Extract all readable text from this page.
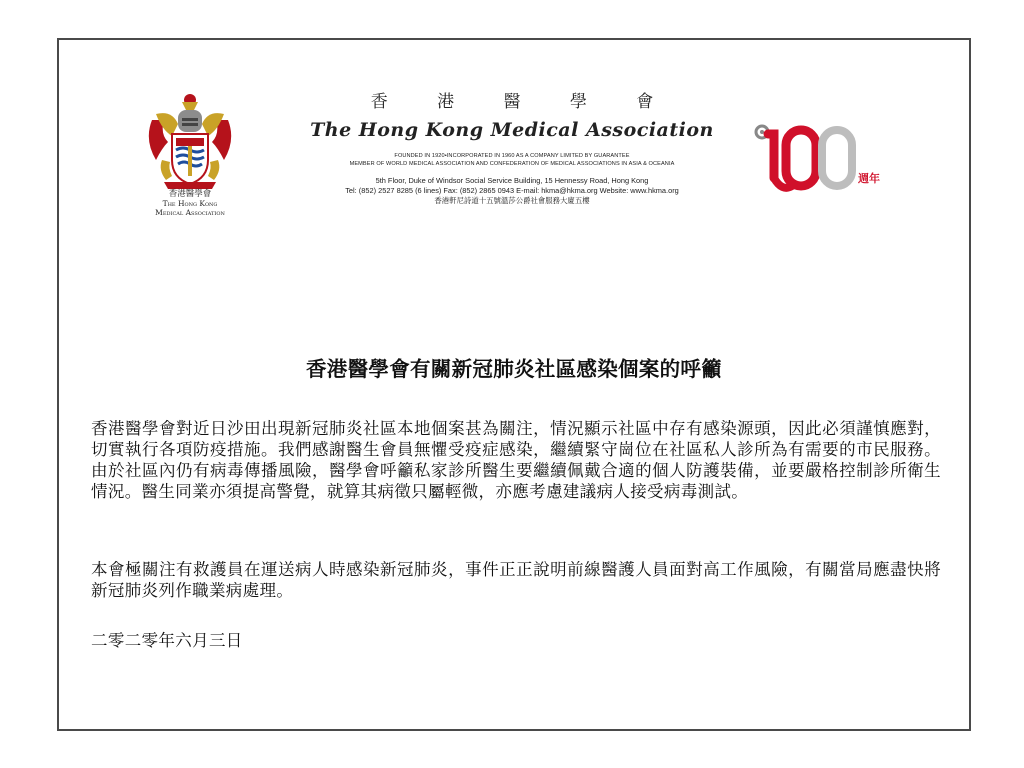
香港醫學會
The Hong Kong
Medical Association
香 港 醫 學 會
The Hong Kong Medical Association
FOUNDED IN 1920•INCORPORATED IN 1960 AS A COMPANY LIMITED BY GUARANTEE
MEMBER OF WORLD MEDICAL ASSOCIATION AND CONFEDERATION OF MEDICAL ASSOCIATIONS IN ASIA & OCEANIA
5th Floor, Duke of Windsor Social Service Building, 15 Hennessy Road, Hong Kong
Tel: (852) 2527 8285 (6 lines) Fax: (852) 2865 0943 E-mail: hkma@hkma.org Website: www.hkma.org
香港軒尼詩道十五號溫莎公爵社會服務大廈五樓
週年
香港醫學會有關新冠肺炎社區感染個案的呼籲
香港醫學會對近日沙田出現新冠肺炎社區本地個案甚為關注，情況顯示社區中存有感染源頭，因此必須謹慎應對，切實執行各項防疫措施。我們感謝醫生會員無懼受疫症感染，繼續緊守崗位在社區私人診所為有需要的市民服務。由於社區內仍有病毒傳播風險，醫學會呼籲私家診所醫生要繼續佩戴合適的個人防護裝備，並要嚴格控制診所衛生情況。醫生同業亦須提高警覺，就算其病徵只屬輕微，亦應考慮建議病人接受病毒測試。
本會極關注有救護員在運送病人時感染新冠肺炎，事件正正說明前線醫護人員面對高工作風險，有關當局應盡快將新冠肺炎列作職業病處理。
二零二零年六月三日
